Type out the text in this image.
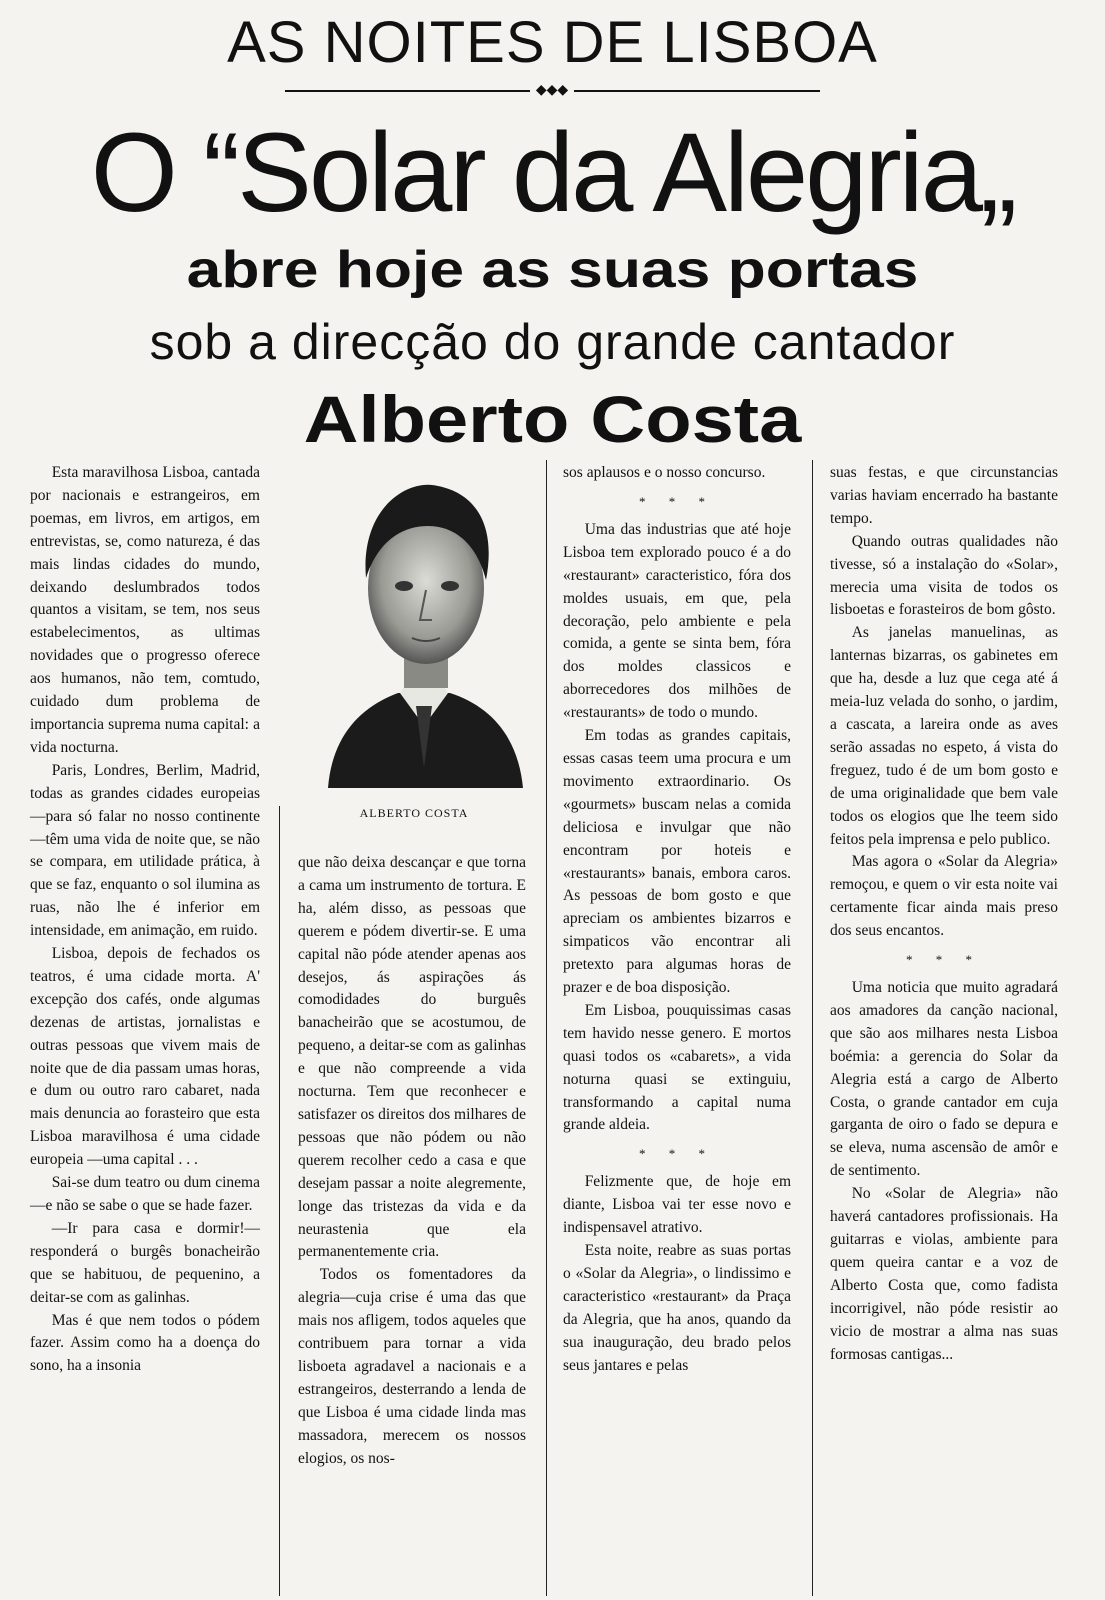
AS NOITES DE LISBOA
◆◆◆
O “Solar da Alegria„
abre hoje as suas portas
sob a direcção do grande cantador
Alberto Costa
ALBERTO COSTA

Esta maravilhosa Lisboa, cantada por nacionais e estrangeiros, em poemas, em livros, em artigos, em entrevistas, se, como natureza, é das mais lindas cidades do mundo, deixando deslumbrados todos quantos a visitam, se tem, nos seus estabelecimentos, as ultimas novidades que o progresso oferece aos humanos, não tem, comtudo, cuidado dum problema de importancia suprema numa capital: a vida nocturna.

Paris, Londres, Berlim, Madrid, todas as grandes cidades europeias—para só falar no nosso continente—têm uma vida de noite que, se não se compara, em utilidade prática, à que se faz, enquanto o sol ilumina as ruas, não lhe é inferior em intensidade, em animação, em ruido.

Lisboa, depois de fechados os teatros, é uma cidade morta. A' excepção dos cafés, onde algumas dezenas de artistas, jornalistas e outras pessoas que vivem mais de noite que de dia passam umas horas, e dum ou outro raro cabaret, nada mais denuncia ao forasteiro que esta Lisboa maravilhosa é uma cidade europeia —uma capital . . .

Sai-se dum teatro ou dum cinema—e não se sabe o que se hade fazer.

—Ir para casa e dormir!— responderá o burgês bonacheirão que se habituou, de pequenino, a deitar-se com as galinhas.

Mas é que nem todos o pódem fazer. Assim como ha a doença do sono, ha a insonia

que não deixa descançar e que torna a cama um instrumento de tortura. E ha, além disso, as pessoas que querem e pódem divertir-se. E uma capital não póde atender apenas aos desejos, ás aspirações ás comodidades do burguês banacheirão que se acostumou, de pequeno, a deitar-se com as galinhas e que não compreende a vida nocturna. Tem que reconhecer e satisfazer os direitos dos milhares de pessoas que não pódem ou não querem recolher cedo a casa e que desejam passar a noite alegremente, longe das tristezas da vida e da neurastenia que ela permanentemente cria.

Todos os fomentadores da alegria—cuja crise é uma das que mais nos afligem, todos aqueles que contribuem para tornar a vida lisboeta agradavel a nacionais e a estrangeiros, desterrando a lenda de que Lisboa é uma cidade linda mas massadora, merecem os nossos elogios, os nos-

sos aplausos e o nosso concurso.

* * *

Uma das industrias que até hoje Lisboa tem explorado pouco é a do «restaurant» caracteristico, fóra dos moldes usuais, em que, pela decoração, pelo ambiente e pela comida, a gente se sinta bem, fóra dos moldes classicos e aborrecedores dos milhões de «restaurants» de todo o mundo.

Em todas as grandes capitais, essas casas teem uma procura e um movimento extraordinario. Os «gourmets» buscam nelas a comida deliciosa e invulgar que não encontram por hoteis e «restaurants» banais, embora caros. As pessoas de bom gosto e que apreciam os ambientes bizarros e simpaticos vão encontrar ali pretexto para algumas horas de prazer e de boa disposição.

Em Lisboa, pouquissimas casas tem havido nesse genero. E mortos quasi todos os «cabarets», a vida noturna quasi se extinguiu, transformando a capital numa grande aldeia.

* * *

Felizmente que, de hoje em diante, Lisboa vai ter esse novo e indispensavel atrativo.

Esta noite, reabre as suas portas o «Solar da Alegria», o lindissimo e caracteristico «restaurant» da Praça da Alegria, que ha anos, quando da sua inauguração, deu brado pelos seus jantares e pelas

suas festas, e que circunstancias varias haviam encerrado ha bastante tempo.

Quando outras qualidades não tivesse, só a instalação do «Solar», merecia uma visita de todos os lisboetas e forasteiros de bom gôsto.

As janelas manuelinas, as lanternas bizarras, os gabinetes em que ha, desde a luz que cega até á meia-luz velada do sonho, o jardim, a cascata, a lareira onde as aves serão assadas no espeto, á vista do freguez, tudo é de um bom gosto e de uma originalidade que bem vale todos os elogios que lhe teem sido feitos pela imprensa e pelo publico.

Mas agora o «Solar da Alegria» remoçou, e quem o vir esta noite vai certamente ficar ainda mais preso dos seus encantos.

* * *

Uma noticia que muito agradará aos amadores da canção nacional, que são aos milhares nesta Lisboa boémia: a gerencia do Solar da Alegria está a cargo de Alberto Costa, o grande cantador em cuja garganta de oiro o fado se depura e se eleva, numa ascensão de amôr e de sentimento.

No «Solar de Alegria» não haverá cantadores profissionais. Ha guitarras e violas, ambiente para quem queira cantar e a voz de Alberto Costa que, como fadista incorrigivel, não póde resistir ao vicio de mostrar a alma nas suas formosas cantigas...
